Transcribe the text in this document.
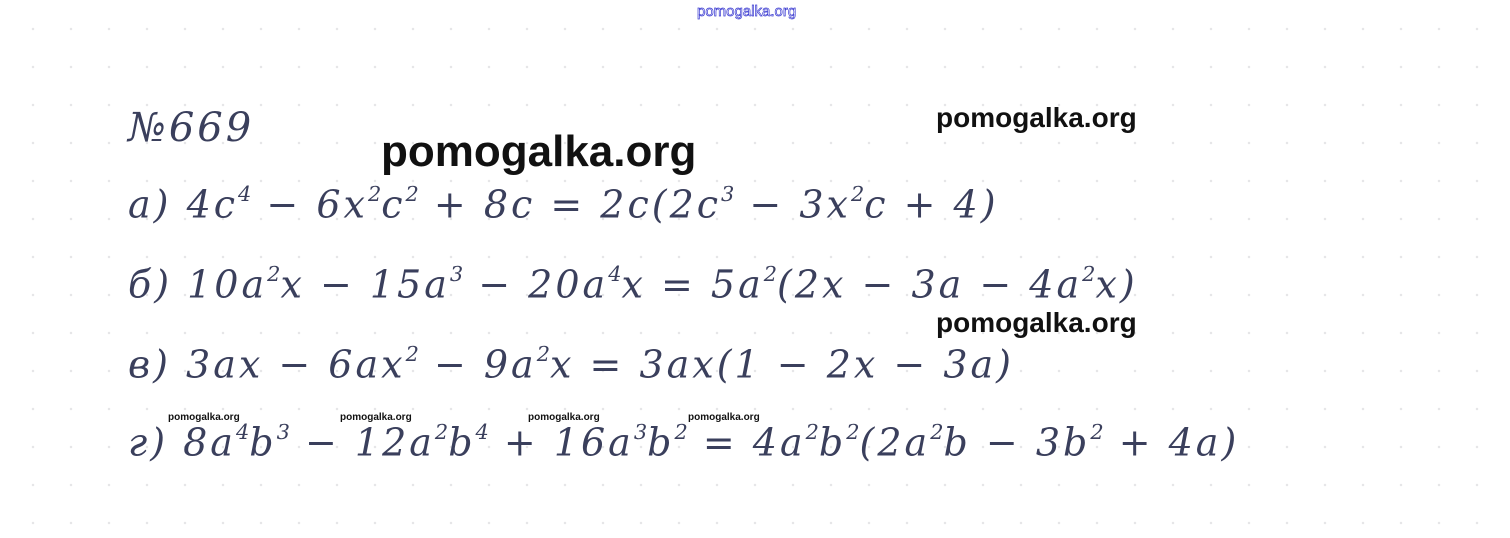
pomogalka.org
pomogalka.org
pomogalka.org
pomogalka.org
pomogalka.org	pomogalka.org	pomogalka.org	pomogalka.org
№669
а) $4c^4 - 6x^2c^2 + 8c = 2c(2c^3 - 3x^2c + 4)$
б) $10a^2x - 15a^3 - 20a^4x = 5a^2(2x - 3a - 4a^2x)$
в) $3ax - 6ax^2 - 9a^2x = 3ax(1 - 2x - 3a)$
г) $8a^4b^3 - 12a^2b^4 + 16a^3b^2 = 4a^2b^2(2a^2b - 3b^2 + 4a)$
